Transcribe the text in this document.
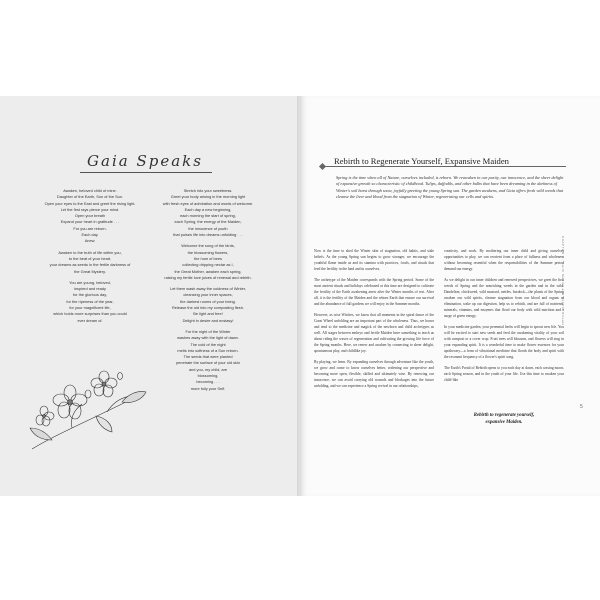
Gaia Speaks
Awaken, beloved child of mine.
Daughter of the Earth, Son of the Sun.
Open your eyes to the East and greet the rising light.
Let the first rays pierce your mind.
Open your breath
Expand your heart in gratitude . . .
For you are reborn.
Each day.
Anew.
Awaken to the truth of life within you,
to the beat of your heart,
your dreams as seeds in the fertile darkness of
the Great Mystery.
You are young, beloved,
inspired and ready
for the glorious day,
for the ripeness of the year,
for your magnificent life,
which holds more surprises than you could
ever dream of.
Stretch into your sweetness.
Greet your body arising in the morning light
with fresh eyes of admiration and words of welcome.
Each day a new beginning,
each morning the start of spring,
each Spring, the energy of the Maiden,
the innocence of youth
that pulses life into dreams unfolding . . .
Welcome the song of the birds,
the blossoming flowers,
the hum of bees
collecting dripping nectar as I,
the Great Mother, awaken each spring,
raising my fertile love juices of renewal and rebirth.
Let them wash away the coldness of Winter,
cleansing your inner spaces,
the darkest rooms of your being.
Release the old into my composting flesh.
Be light and free!
Delight in desire and ecstasy!
For the night of the Winter
washes away with the light of dawn.
The cold of the night
melts into softness of a Sun reborn.
The seeds that were planted
penetrate the surface of your old skin
and you, my child, are
blossoming,
becoming . . .
more fully your Self.
Rebirth to Regenerate Yourself, Expansive Maiden
Spring is the time when all of Nature, ourselves included, is reborn. We reawaken in our purity, our innocence, and the sheer delight of expansive growth so characteristic of childhood. Tulips, daffodils, and other bulbs that have been dreaming in the darkness of Winter's soil burst through snow, joyfully greeting the young Spring sun. The garden awakens, and Gaia offers fresh wild weeds that cleanse the liver and blood from the stagnation of Winter, regenerating our cells and spirits.

Now is the time to shed the Winter skin of stagnation, old habits, and stale beliefs. As the young Spring sun begins to grow stronger, we encourage the youthful flame inside us and its stamina with practices, foods, and rituals that feed the fertility in the land and in ourselves.

The archetype of the Maiden corresponds with the Spring period. Some of the most ancient rituals and holidays celebrated at this time are designed to cultivate the fertility of the Earth awakening anew after the Winter months of rest. After all, it is the fertility of the Maiden and the reborn Earth that ensure our survival and the abundance of full gardens we will enjoy in the Summer months.

However, as wise Witches, we know that all moments in the spiral dance of the Great Wheel unfolding are an important part of the wholeness. Thus, we honor and tend to the medicine and magick of the newborn and child archetypes as well. All stages between embryo and fertile Maiden have something to teach us about riding the waves of regeneration and cultivating the growing life force of the Spring months. Here, we renew and awaken by connecting to sheer delight, spontaneous play, and childlike joy.

By playing, we learn. By expanding ourselves through adventure like the youth, we grow and come to know ourselves better, widening our perspective and becoming more open, flexible, skilled and ultimately wise. By renewing our innocence, we can avoid carrying old wounds and blockages into the future unfolding, and we can experience a Spring revival in our relationships,

creativity, and work. By mothering our inner child and giving ourselves opportunities to play, we can reorient from a place of fullness and wholeness without becoming resentful when the responsibilities of the Summer period demand our energy.

As we delight in our inner children and renewed perspectives, we greet the first weeds of Spring and the nourishing weeds in the garden and in the wild. Dandelion, chickweed, wild mustard, nettles, burdock—the plants of the Spring awaken our wild spirits, cleanse stagnation from our blood and organs of elimination, wake up our digestion, help us to rebirth, and are full of nutrients, minerals, vitamins, and enzymes that flood our body with wild nutrition and a surge of green energy.

In your medicine garden, your perennial herbs will begin to sprout new life. You will be excited to start new seeds and feed the awakening vitality of your soil with compost or a cover crop. Fruit trees will blossom, and flowers will sing in your expanding spirit. It is a wonderful time to make flower essences for your apothecary—a form of vibrational medicine that floods the body and spirit with the resonant frequency of a flower's spirit song.

The Earth's Portal of Rebirth opens to you each day at dawn, each waxing moon, each Spring season, and in the youth of your life. Use this time to awaken your child-like

Rebirth to regenerate yourself,
expansive Maiden.
CHAPTER 2 : Earth Magick and Rebirth Rituals
5
